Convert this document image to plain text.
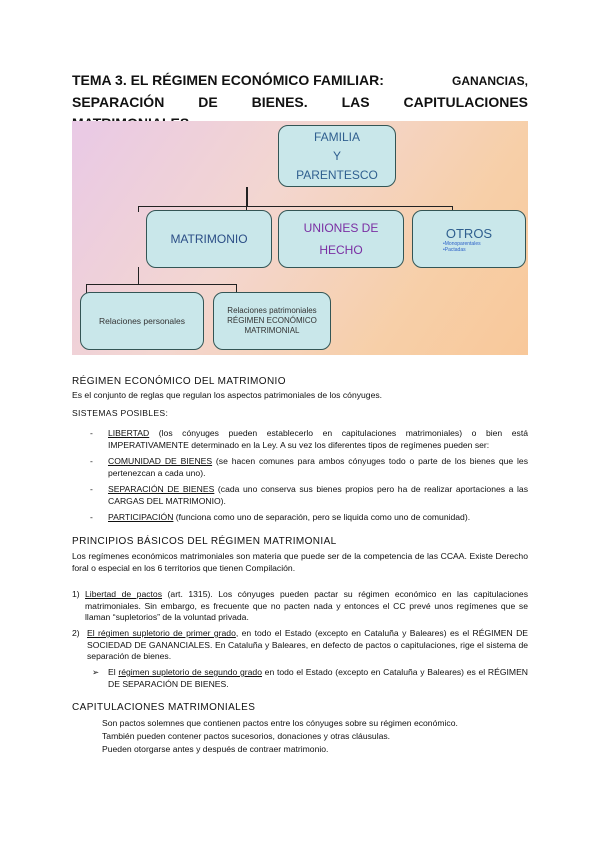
TEMA 3. EL RÉGIMEN ECONÓMICO FAMILIAR:	GANANCIAS,
SEPARACIÓN DE BIENES. LAS CAPITULACIONES
FAMILIA
Y
PARENTESCO
MATRIMONIO
UNIONES DE
HECHO
OTROS
•Monoparentales
•Pactadas
Relaciones personales
Relaciones patrimoniales
RÉGIMEN ECONÓMICO
MATRIMONIAL
RÉGIMEN ECONÓMICO DEL MATRIMONIO
Es el conjunto de reglas que regulan los aspectos patrimoniales de los cónyuges.
SISTEMAS POSIBLES:
-	LIBERTAD (los cónyuges pueden establecerlo en capitulaciones matrimoniales) o bien está IMPERATIVAMENTE determinado en la Ley. A su vez los diferentes tipos de regímenes pueden ser:
-	COMUNIDAD DE BIENES (se hacen comunes para ambos cónyuges todo o parte de los bienes que les pertenezcan a cada uno).
-	SEPARACIÓN DE BIENES (cada uno conserva sus bienes propios pero ha de realizar aportaciones a las CARGAS DEL MATRIMONIO).
-	PARTICIPACIÓN (funciona como uno de separación, pero se liquida como uno de comunidad).
PRINCIPIOS BÁSICOS DEL RÉGIMEN MATRIMONIAL
Los regímenes económicos matrimoniales son materia que puede ser de la competencia de las CCAA. Existe Derecho foral o especial en los 6 territorios que tienen Compilación.
1) Libertad de pactos (art. 1315). Los cónyuges pueden pactar su régimen económico en las capitulaciones matrimoniales. Sin embargo, es frecuente que no pacten nada y entonces el CC prevé unos regímenes que se llaman “supletorios” de la voluntad privada.
2) El régimen supletorio de primer grado, en todo el Estado (excepto en Cataluña y Baleares) es el RÉGIMEN DE SOCIEDAD DE GANANCIALES. En Cataluña y Baleares, en defecto de pactos o capitulaciones, rige el sistema de separación de bienes.
➢	El régimen supletorio de segundo grado en todo el Estado (excepto en Cataluña y Baleares) es el RÉGIMEN DE SEPARACIÓN DE BIENES.
CAPITULACIONES MATRIMONIALES
Son pactos solemnes que contienen pactos entre los cónyuges sobre su régimen económico.
También pueden contener pactos sucesorios, donaciones y otras cláusulas.
Pueden otorgarse antes y después de contraer matrimonio.
